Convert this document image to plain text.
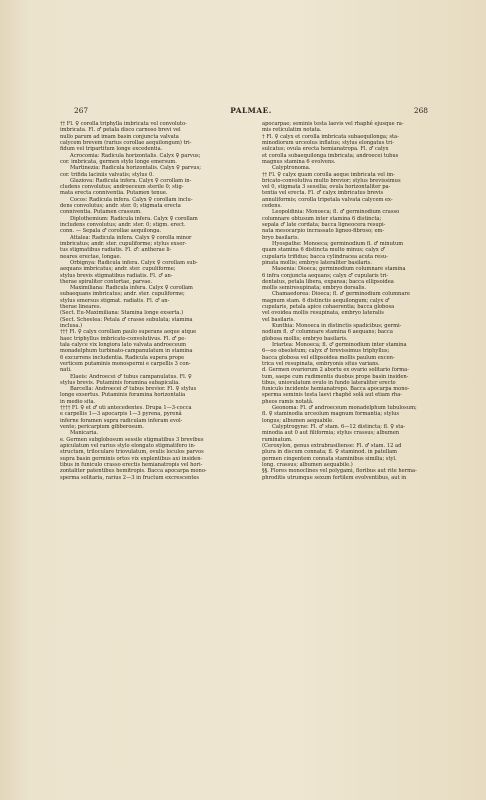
267	PALMAE.	268

†† Fl. ♀ corolla triphylla imbricata vel convoluto-

imbricata. Fl. ♂ petala disco carnoso brevi vel

nullo parum ad imam basin conjuncta valvata

calycem brevem (rarius corollae aequilongum) tri-

fidum vel tripartitum longe excedentia.

Acrocomia: Radicula horizontalis. Calyx ♀ parvus;

cor. imbricata, germen stylo longe emersum.

Martinezia: Radicula horizontalis. Calyx ♀ parvus;

cor. trifida laciniis valvatis; stylus 0.

Glaziova: Radicula infera. Calyx ♀ corollam in-

cludens convolutus; androeceum sterile 0; stig-

mata erecta conniventia. Putamen tenue.

Cocos: Radicula infera. Calyx ♀ corollam inclu-

dens convolutus; andr. ster. 0; stigmata erecta

conniventia. Putamen crassum.

Diplothemium: Radicula infera. Calyx ♀ corollam

includens convolutus; andr. ster. 0; stigm. erect.

conn. — Sepala ♂ corollae aequilonga.

Attalea: Radicula infera. Calyx ♀ corolla minor

imbricatus; andr. ster. cupuliforme; stylus exser-

tus stigmatibus radiatis. Fl. ♂: antherae li-

neares erectae, longae.

Orbignya: Radicula infera. Calyx ♀ corollam sub-

aequans imbricatus; andr. ster. cupuliforme;

stylus brevis stigmatibus radiatis. Fl. ♂ an-

therae spiraliter contortae, parvae.

Maximiliana: Radicula infera. Calyx ♀ corollam

subaequans imbricatus; andr. ster. cupuliforme;

stylus emersus stigmat. radiatis. Fl. ♂ an-

therae lineares.

(Sect. Eu-Maximiliana: Stamina longe exserta.)

(Sect. Scheelea: Petala ♂ crasse subulata; stamina

inclusa.)

††† Fl. ♀ calyx corollam paulo superans aeque atque

haec triphyllus imbricato-convolutivus. Fl. ♂ pe-

tala calyce vix longiora lato valvata androeceum

monadelphum turbinato-campanulatum in stamina

6 excurrens includentia. Radicula supera prope

verticem putaminis monospermi e carpellis 3 con-

nati.

Elaeis: Androecei ♂ tubus campanulatus. Fl. ♀

stylus brevis. Putaminis foramina subapicalia.

Barcella: Androecei ♂ tubus brevior. Fl. ♀ stylus

longe exsertus. Putaminis foramina horizontalia

in medio sita.

†††† Fl. ♀ et ♂ uti antecedentes. Drupa 1—3-cocca

e carpellis 1—3 apocarpis 1—3 pyrena, pyrenâ

inferne foramen supra radiculam inferam evol-

vente; pericarpium gibberosum.

Manicaria.

e. Germen subglobosum sessile stigmatibus 3 brevibus

apiculatum vel rarius stylo elongato stigmatifero in-

structum, triloculare triovulatum, ovulis loculos parvos

supra basin germinis ortos vix explentibus axi insiden-

tibus in funiculo crasso erectis hemianatropis vel hori-

zontaliter patentibus hemitropis. Bacca apocarpa mono-

sperma solitaria, rarius 2—3 in fructum excrescentes

apocarpae; seminis testa laevis vel rhaphê ejusque ra-

mis reticulatim notata.

† Fl. ♀ calyx et corolla imbricata subaequilonga; sta-

minodiorum urceolus inflatus; stylus elongatus tri-

sulcatus; ovula erecta hemianatropa. Fl. ♂ calyx

et corolla subaequilonga imbricata; androecei tubus

magnus stamina 6 evolvens.

Calyptronoma.

†† Fl. ♀ calyx quam corolla aeque imbricata vel im-

bricato-convolutiva multo brevior; stylus brevissimus

vel 0, stigmata 3 sessilia; ovula horizontaliter pa-

tentia vel erecta. Fl. ♂ calyx imbricatus brevis

annuliformis; corolla tripetala valvata calycem ex-

cedens.

Leopoldinia: Monoeca; fl. ♂ germinodium crasso

columnare obtusum inter stamina 6 distincta;

sepala ♂ late cordata; bacca ligneocera resupi-

nata mesocarpio incrassato ligneo-fibroso; em-

bryo basilaris.

Hyospathe: Monoeca; germinodium fl. ♂ minutum

quam stamina 6 distincta multo minus; calyx ♂

cupularis trifidus; bacca cylindracea acuta resu-

pinata mollis; embryo lateraliter basilaris.

Maoenia: Dioeca; germinodium columnare stamina

6 infra conjuncta aequans; calyx ♂ cupularis tri-

dentatus, petala libera, expansa; bacca ellipsoidea

mollis semiresupinata; embryo dorsalis.

Chamaedorea: Dioeca; fl. ♂ germinodium columnare

magnum stam. 6 distinctis aequilongum; calyx ♂

cupularis, petala apice cohaerentia; bacca globosa

vel ovoidea mollis resupinata, embryo lateralis

vel basilaris.

Kunthia: Monoeca in distinctis spadicibus; germi-

nodium fl. ♂ columnare stamina 6 aequans; bacca

globosa mollis; embryo basilaris.

Iriartea: Monoeca; fl. ♂ germinodium inter stamina

6—oo obsoletum; calyx ♂ brevissimus triphyllus;

bacca globosa vel ellipsoidea mollis paulum excen-

trica vel resupinata, embryonis situs varians.

d. Germen ovariorum 2 abortu ex ovario solitario forma-

tum, saepe cum rudimentis duobus prope basin insiden-

tibus, uniovulatum ovulo in fundo lateraliter erecto

funiculo incidente hemianatropo. Bacca apocarpa mono-

sperma seminis testa laevi rhaphê solâ aut etiam rha-

pheos ramis notatâ.

Geonoma: Fl. ♂ androeceum monadelphum tubulosum;

fl. ♀ staminodia urceolum magnum formantia; stylus

longus; albumen aequabile.

Calyptrogyne: Fl. ♂ stam. 6—12 distincta; fl. ♀ sta-

minodia aut 0 aut filiformia; stylus crassus; albumen

ruminatum.

(Ceroxylon, genus extrabrasiliense: Fl. ♂ stam. 12 ad

plura in discum connata; fl. ♀ staminod. in patellam

germen cingentem connata staminibus similia; styl.

long. crassus; albumen aequabile.)

§§. Flores monoclines vel polygami, floribus aut rite herma-

phroditis utrumque sexum fertilem evolventibus, aut in
